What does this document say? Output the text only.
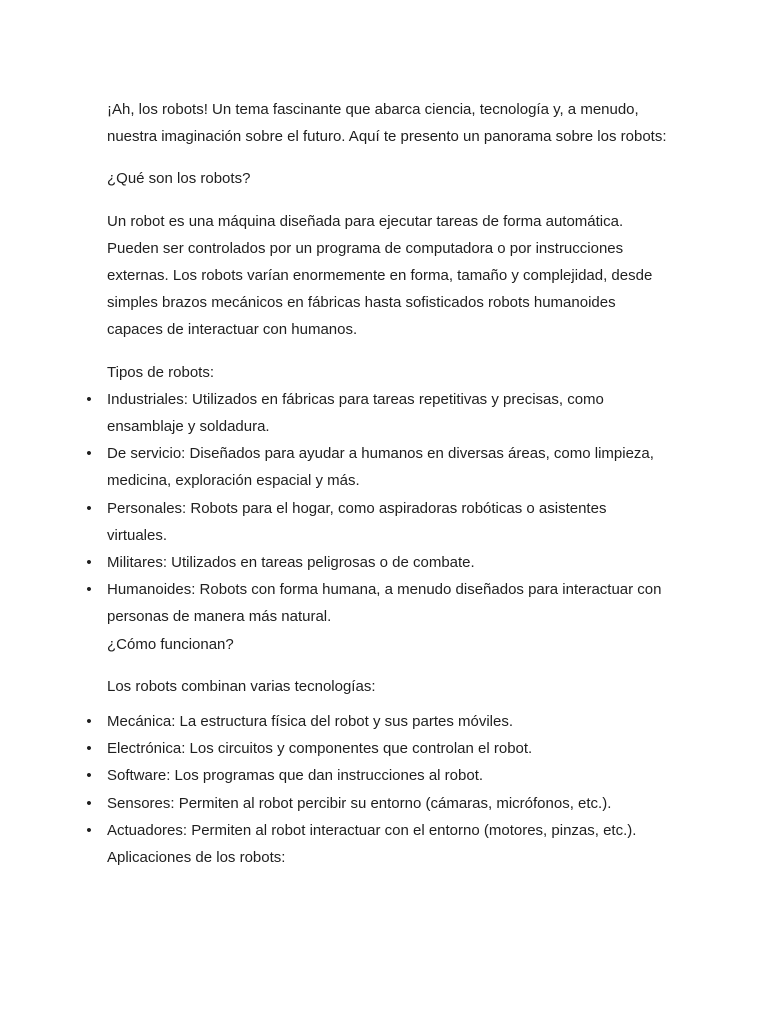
¡Ah, los robots! Un tema fascinante que abarca ciencia, tecnología y, a menudo, nuestra imaginación sobre el futuro. Aquí te presento un panorama sobre los robots:

¿Qué son los robots?

Un robot es una máquina diseñada para ejecutar tareas de forma automática. Pueden ser controlados por un programa de computadora o por instrucciones externas. Los robots varían enormemente en forma, tamaño y complejidad, desde simples brazos mecánicos en fábricas hasta sofisticados robots humanoides capaces de interactuar con humanos.

Tipos de robots:

• Industriales: Utilizados en fábricas para tareas repetitivas y precisas, como ensamblaje y soldadura.
• De servicio: Diseñados para ayudar a humanos en diversas áreas, como limpieza, medicina, exploración espacial y más.
• Personales: Robots para el hogar, como aspiradoras robóticas o asistentes virtuales.
• Militares: Utilizados en tareas peligrosas o de combate.
• Humanoides: Robots con forma humana, a menudo diseñados para interactuar con personas de manera más natural.

¿Cómo funcionan?

Los robots combinan varias tecnologías:

• Mecánica: La estructura física del robot y sus partes móviles.
• Electrónica: Los circuitos y componentes que controlan el robot.
• Software: Los programas que dan instrucciones al robot.
• Sensores: Permiten al robot percibir su entorno (cámaras, micrófonos, etc.).
• Actuadores: Permiten al robot interactuar con el entorno (motores, pinzas, etc.).

Aplicaciones de los robots:
